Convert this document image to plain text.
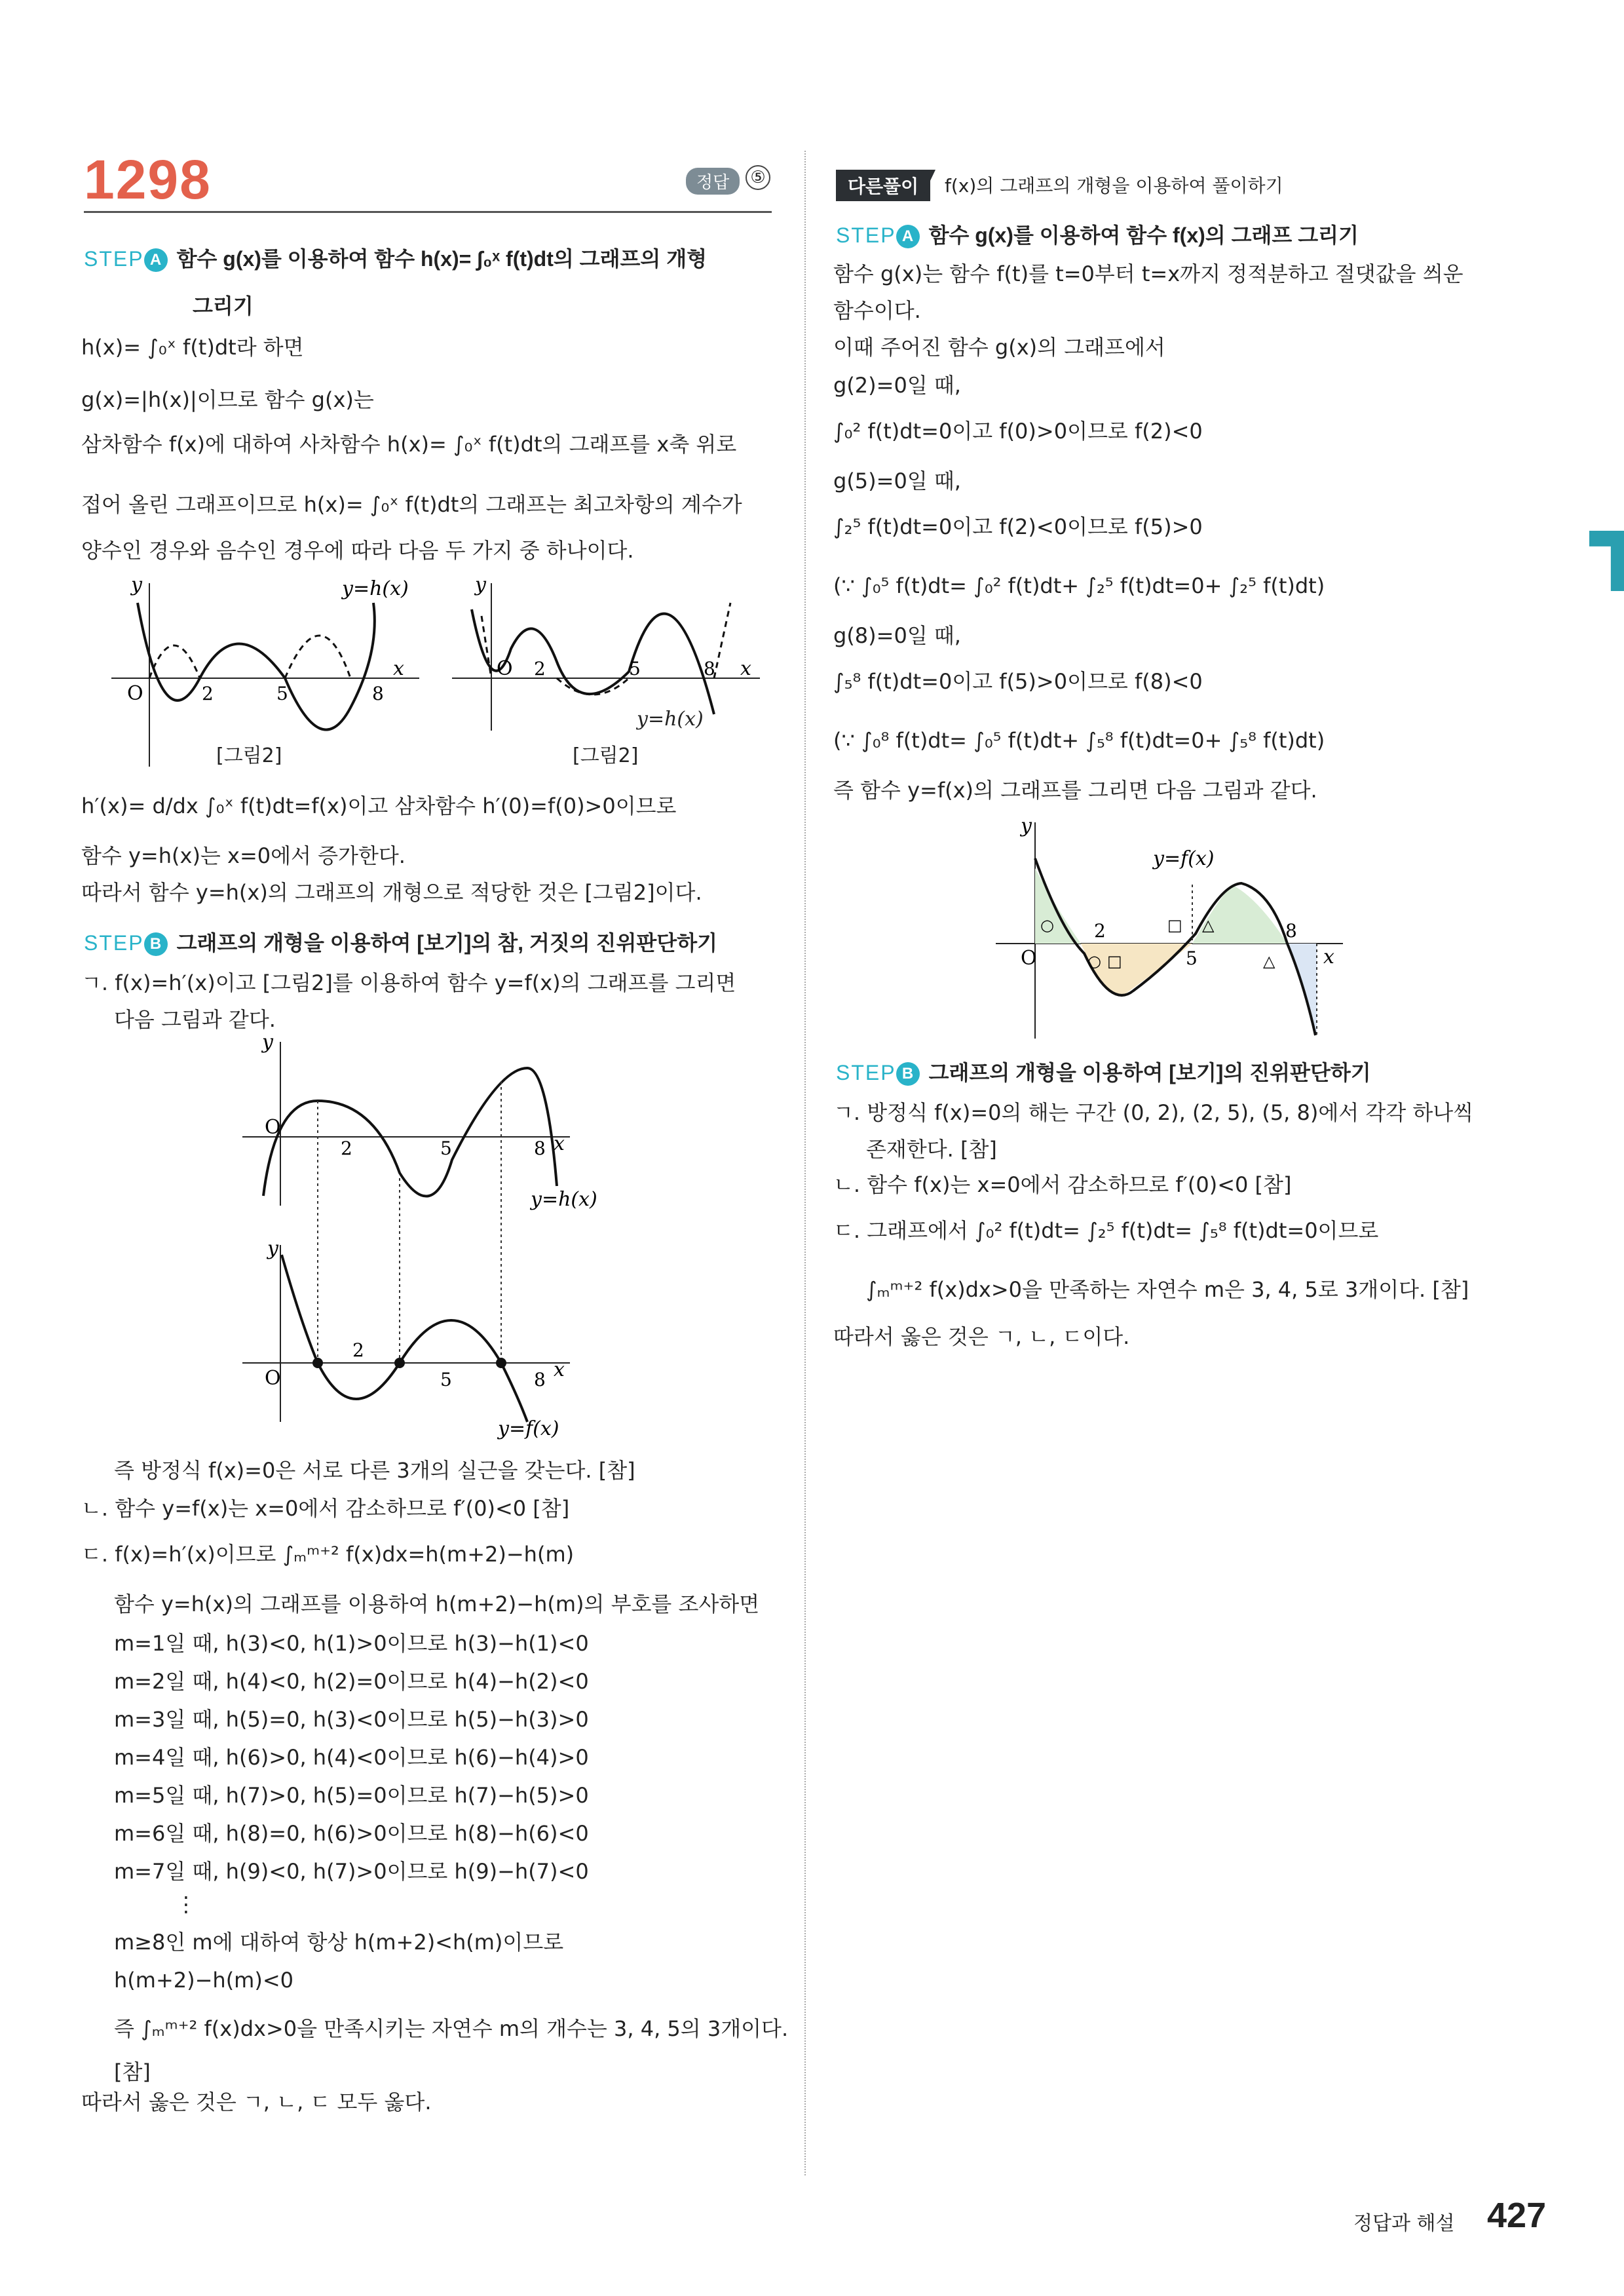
1298	정답	⑤
STEP A 함수 g(x)를 이용하여 함수 h(x)= ∫₀ˣ f(t)dt의 그래프의 개형
그리기
h(x)= ∫₀ˣ f(t)dt라 하면
g(x)=|h(x)|이므로 함수 g(x)는
삼차함수 f(x)에 대하여 사차함수 h(x)= ∫₀ˣ f(t)dt의 그래프를 x축 위로
접어 올린 그래프이므로 h(x)= ∫₀ˣ f(t)dt의 그래프는 최고차항의 계수가
양수인 경우와 음수인 경우에 따라 다음 두 가지 중 하나이다.
y
x
O	2	5	8
y=h(x)
[그림2]
y
x
O 2	5	8
y=h(x)
[그림2]
h′(x)= d/dx ∫₀ˣ f(t)dt=f(x)이고 삼차함수 h′(0)=f(0)>0이므로
함수 y=h(x)는 x=0에서 증가한다.
따라서 함수 y=h(x)의 그래프의 개형으로 적당한 것은 [그림2]이다.
STEP B 그래프의 개형을 이용하여 [보기]의 참, 거짓의 진위판단하기
ㄱ. f(x)=h′(x)이고 [그림2]를 이용하여 함수 y=f(x)의 그래프를 그리면
다음 그림과 같다.
y
x
O
2	5	8
y=h(x)
y
x
O
2
5	8
y=f(x)
즉 방정식 f(x)=0은 서로 다른 3개의 실근을 갖는다. [참]
ㄴ. 함수 y=f(x)는 x=0에서 감소하므로 f′(0)<0 [참]
ㄷ. f(x)=h′(x)이므로 ∫ₘᵐ⁺² f(x)dx=h(m+2)−h(m)
함수 y=h(x)의 그래프를 이용하여 h(m+2)−h(m)의 부호를 조사하면
m=1일 때, h(3)<0, h(1)>0이므로 h(3)−h(1)<0
m=2일 때, h(4)<0, h(2)=0이므로 h(4)−h(2)<0
m=3일 때, h(5)=0, h(3)<0이므로 h(5)−h(3)>0
m=4일 때, h(6)>0, h(4)<0이므로 h(6)−h(4)>0
m=5일 때, h(7)>0, h(5)=0이므로 h(7)−h(5)>0
m=6일 때, h(8)=0, h(6)>0이므로 h(8)−h(6)<0
m=7일 때, h(9)<0, h(7)>0이므로 h(9)−h(7)<0
⋮
m≥8인 m에 대하여 항상 h(m+2)<h(m)이므로
h(m+2)−h(m)<0
즉 ∫ₘᵐ⁺² f(x)dx>0을 만족시키는 자연수 m의 개수는 3, 4, 5의 3개이다.
[참]
따라서 옳은 것은 ㄱ, ㄴ, ㄷ 모두 옳다.
다른풀이	f(x)의 그래프의 개형을 이용하여 풀이하기
STEP A 함수 g(x)를 이용하여 함수 f(x)의 그래프 그리기
함수 g(x)는 함수 f(t)를 t=0부터 t=x까지 정적분하고 절댓값을 씌운
함수이다.
이때 주어진 함수 g(x)의 그래프에서
g(2)=0일 때,
∫₀² f(t)dt=0이고 f(0)>0이므로 f(2)<0
g(5)=0일 때,
∫₂⁵ f(t)dt=0이고 f(2)<0이므로 f(5)>0
(∵ ∫₀⁵ f(t)dt= ∫₀² f(t)dt+ ∫₂⁵ f(t)dt=0+ ∫₂⁵ f(t)dt)
g(8)=0일 때,
∫₅⁸ f(t)dt=0이고 f(5)>0이므로 f(8)<0
(∵ ∫₀⁸ f(t)dt= ∫₀⁵ f(t)dt+ ∫₅⁸ f(t)dt=0+ ∫₅⁸ f(t)dt)
즉 함수 y=f(x)의 그래프를 그리면 다음 그림과 같다.
y
x
O
2
5
8
y=f(x)
○
○ □
□ △
△
STEP B 그래프의 개형을 이용하여 [보기]의 진위판단하기
ㄱ. 방정식 f(x)=0의 해는 구간 (0, 2), (2, 5), (5, 8)에서 각각 하나씩
존재한다. [참]
ㄴ. 함수 f(x)는 x=0에서 감소하므로 f′(0)<0 [참]
ㄷ. 그래프에서 ∫₀² f(t)dt= ∫₂⁵ f(t)dt= ∫₅⁸ f(t)dt=0이므로
∫ₘᵐ⁺² f(x)dx>0을 만족하는 자연수 m은 3, 4, 5로 3개이다. [참]
따라서 옳은 것은 ㄱ, ㄴ, ㄷ이다.
정답과 해설 427
